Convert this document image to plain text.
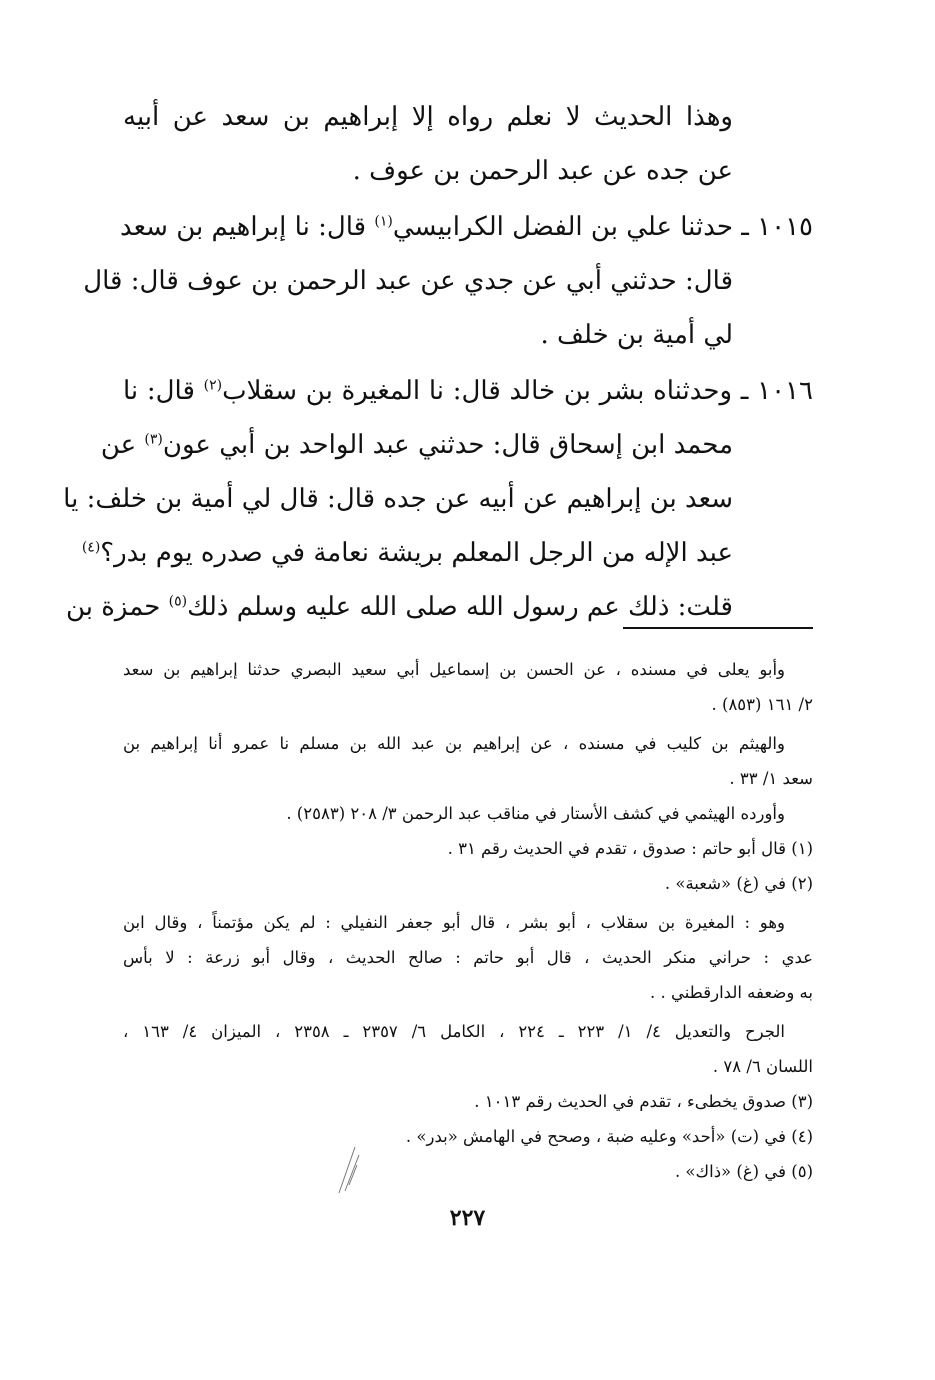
وهذا الحديث لا نعلم رواه إلا إبراهيم بن سعد عن أبيه
عن جده عن عبد الرحمن بن عوف .
١٠١٥ ـ حدثنا علي بن الفضل الكرابيسي$^{(١)}$ قال: نا إبراهيم بن سعد
قال: حدثني أبي عن جدي عن عبد الرحمن بن عوف قال: قال
لي أمية بن خلف .
١٠١٦ ـ وحدثناه بشر بن خالد قال: نا المغيرة بن سقلاب$^{(٢)}$ قال: نا
محمد ابن إسحاق قال: حدثني عبد الواحد بن أبي عون$^{(٣)}$ عن
سعد بن إبراهيم عن أبيه عن جده قال: قال لي أمية بن خلف: يا
عبد الإله من الرجل المعلم بريشة نعامة في صدره يوم بدر؟$^{(٤)}$
قلت: ذلك عم رسول الله صلى الله عليه وسلم ذلك$^{(٥)}$ حمزة بن
وأبو يعلى في مسنده ، عن الحسن بن إسماعيل أبي سعيد البصري حدثنا إبراهيم بن سعد
٢/ ١٦١ (٨٥٣) .
والهيثم بن كليب في مسنده ، عن إبراهيم بن عبد الله بن مسلم نا عمرو أنا إبراهيم بن
سعد ١/ ٣٣ .
وأورده الهيثمي في كشف الأستار في مناقب عبد الرحمن ٣/ ٢٠٨ (٢٥٨٣) .
(١) قال أبو حاتم : صدوق ، تقدم في الحديث رقم ٣١ .
(٢) في (غ) «شعبة» .
وهو : المغيرة بن سقلاب ، أبو بشر ، قال أبو جعفر النفيلي : لم يكن مؤتمناً ، وقال ابن
عدي : حراني منكر الحديث ، قال أبو حاتم : صالح الحديث ، وقال أبو زرعة : لا بأس
به وضعفه الدارقطني . .
الجرح والتعديل ٤/ ١/ ٢٢٣ ـ ٢٢٤ ، الكامل ٦/ ٢٣٥٧ ـ ٢٣٥٨ ، الميزان ٤/ ١٦٣ ،
اللسان ٦/ ٧٨ .
(٣) صدوق يخطىء ، تقدم في الحديث رقم ١٠١٣ .
(٤) في (ت) «أحد» وعليه ضبة ، وصحح في الهامش «بدر» .
(٥) في (غ) «ذاك» .
٢٢٧
